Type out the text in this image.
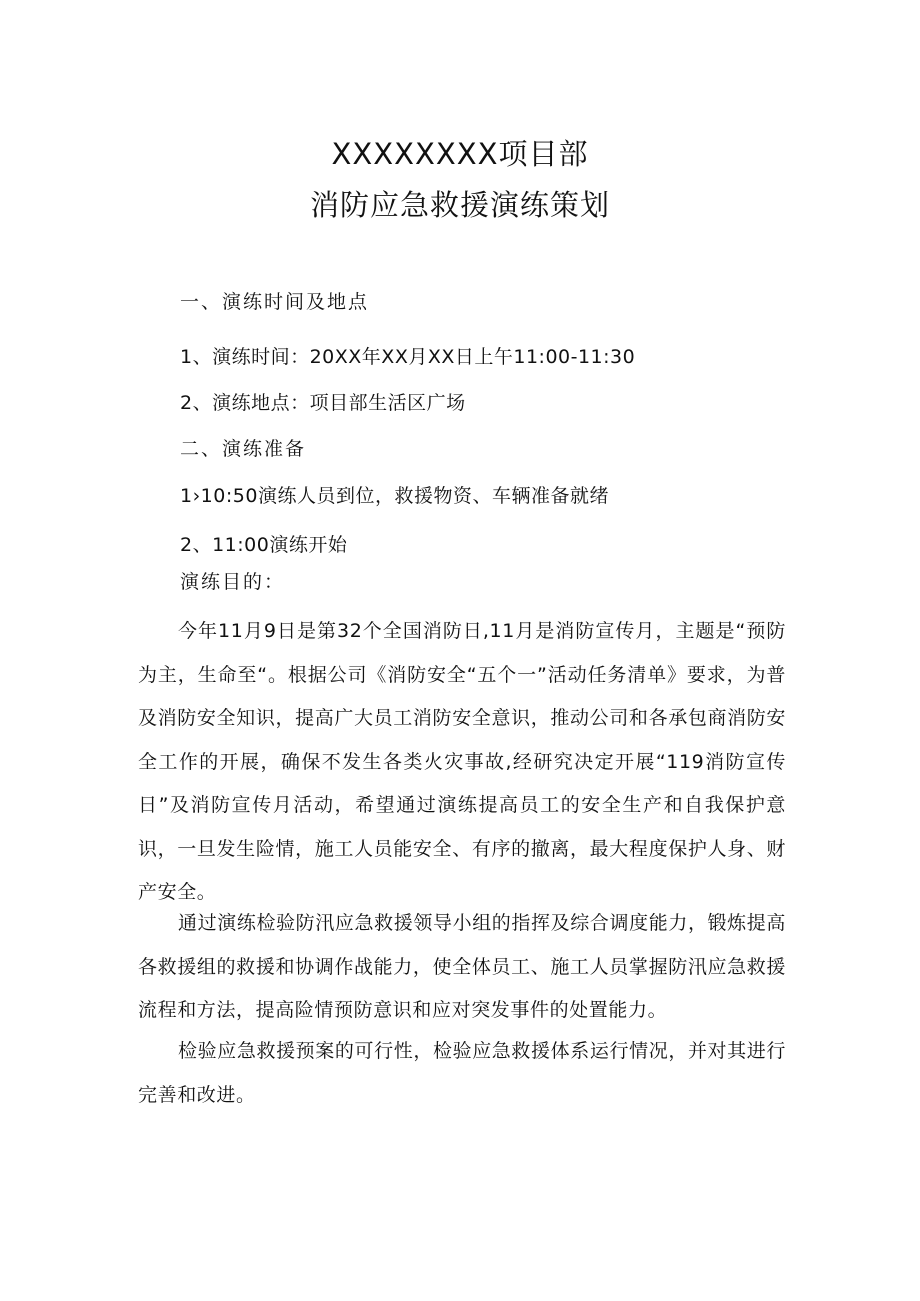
XXXXXXXX项目部
消防应急救援演练策划
一、演练时间及地点
1、演练时间：20XX年XX月XX日上午11:00-11:30
2、演练地点：项目部生活区广场
二、演练准备
1›10:50演练人员到位，救援物资、车辆准备就绪
2、11:00演练开始
演练目的：
今年11月9日是第32个全国消防日,11月是消防宣传月，主题是“预防为主，生命至“。根据公司《消防安全“五个一”活动任务清单》要求，为普及消防安全知识，提高广大员工消防安全意识，推动公司和各承包商消防安全工作的开展，确保不发生各类火灾事故,经研究决定开展“119消防宣传日”及消防宣传月活动，希望通过演练提高员工的安全生产和自我保护意识，一旦发生险情，施工人员能安全、有序的撤离，最大程度保护人身、财产安全。
通过演练检验防汛应急救援领导小组的指挥及综合调度能力，锻炼提高各救援组的救援和协调作战能力，使全体员工、施工人员掌握防汛应急救援流程和方法，提高险情预防意识和应对突发事件的处置能力。
检验应急救援预案的可行性，检验应急救援体系运行情况，并对其进行完善和改进。
